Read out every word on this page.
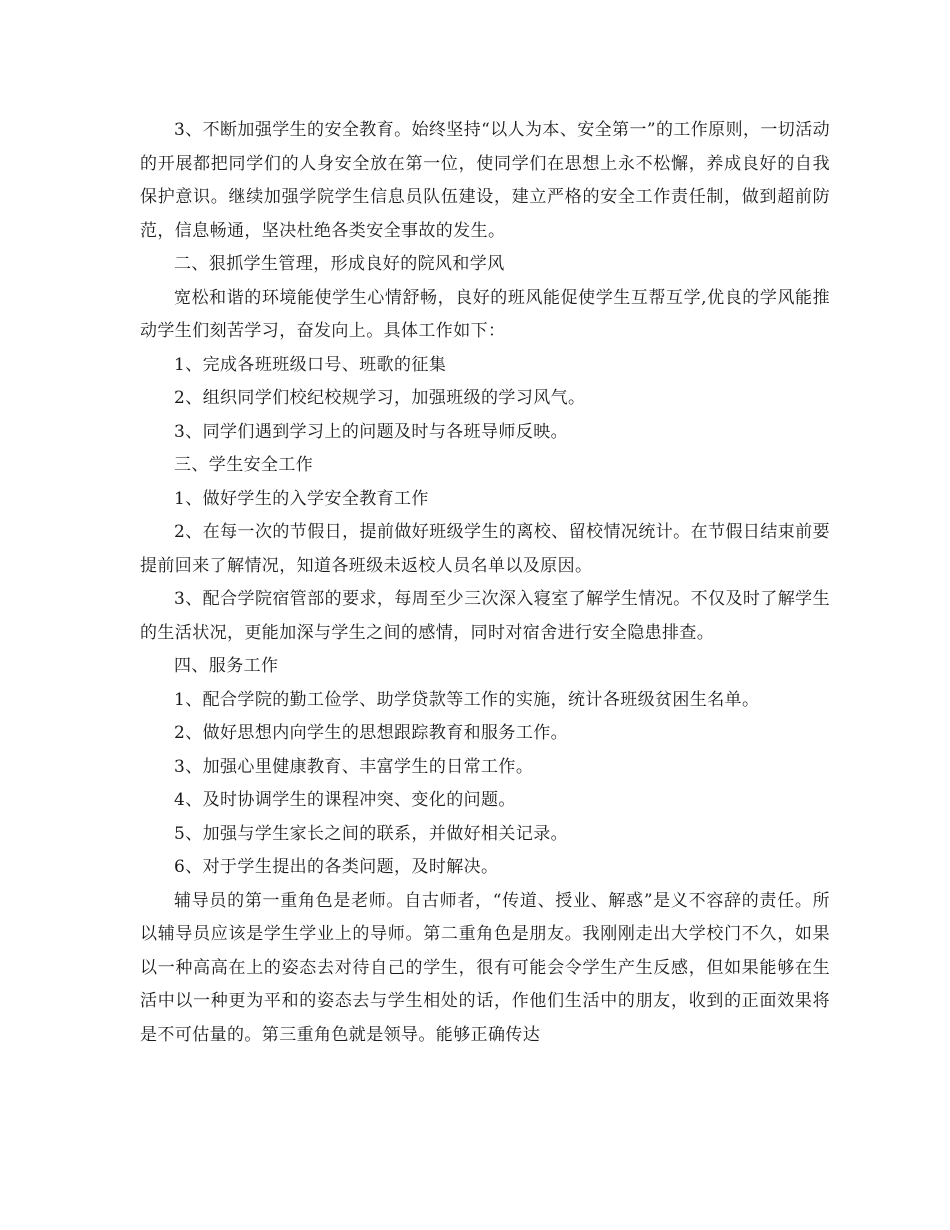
3、不断加强学生的安全教育。始终坚持“以人为本、安全第一”的工作原则，一切活动的开展都把同学们的人身安全放在第一位，使同学们在思想上永不松懈，养成良好的自我保护意识。继续加强学院学生信息员队伍建设，建立严格的安全工作责任制，做到超前防范，信息畅通，坚决杜绝各类安全事故的发生。

二、狠抓学生管理，形成良好的院风和学风

宽松和谐的环境能使学生心情舒畅，良好的班风能促使学生互帮互学,优良的学风能推动学生们刻苦学习，奋发向上。具体工作如下：

1、完成各班班级口号、班歌的征集

2、组织同学们校纪校规学习，加强班级的学习风气。

3、同学们遇到学习上的问题及时与各班导师反映。

三、学生安全工作

1、做好学生的入学安全教育工作

2、在每一次的节假日，提前做好班级学生的离校、留校情况统计。在节假日结束前要提前回来了解情况，知道各班级未返校人员名单以及原因。

3、配合学院宿管部的要求，每周至少三次深入寝室了解学生情况。不仅及时了解学生的生活状况，更能加深与学生之间的感情，同时对宿舍进行安全隐患排查。

四、服务工作

1、配合学院的勤工俭学、助学贷款等工作的实施，统计各班级贫困生名单。

2、做好思想内向学生的思想跟踪教育和服务工作。

3、加强心里健康教育、丰富学生的日常工作。

4、及时协调学生的课程冲突、变化的问题。

5、加强与学生家长之间的联系，并做好相关记录。

6、对于学生提出的各类问题，及时解决。

辅导员的第一重角色是老师。自古师者，“传道、授业、解惑”是义不容辞的责任。所以辅导员应该是学生学业上的导师。第二重角色是朋友。我刚刚走出大学校门不久，如果以一种高高在上的姿态去对待自己的学生，很有可能会令学生产生反感，但如果能够在生活中以一种更为平和的姿态去与学生相处的话，作他们生活中的朋友，收到的正面效果将是不可估量的。第三重角色就是领导。能够正确传达
